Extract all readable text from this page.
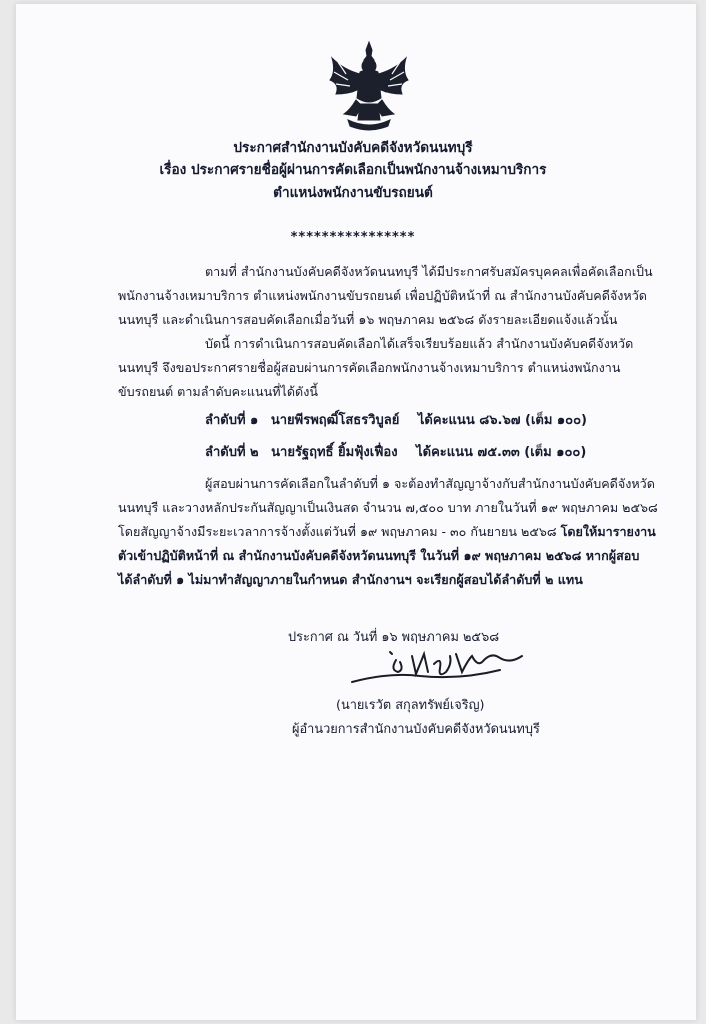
ประกาศสำนักงานบังคับคดีจังหวัดนนทบุรี
เรื่อง ประกาศรายชื่อผู้ผ่านการคัดเลือกเป็นพนักงานจ้างเหมาบริการ
ตำแหน่งพนักงานขับรถยนต์
****************
ตามที่ สำนักงานบังคับคดีจังหวัดนนทบุรี ได้มีประกาศรับสมัครบุคคลเพื่อคัดเลือกเป็น
พนักงานจ้างเหมาบริการ ตำแหน่งพนักงานขับรถยนต์ เพื่อปฏิบัติหน้าที่ ณ สำนักงานบังคับคดีจังหวัด
นนทบุรี และดำเนินการสอบคัดเลือกเมื่อวันที่ ๑๖ พฤษภาคม ๒๕๖๘ ดังรายละเอียดแจ้งแล้วนั้น
บัดนี้ การดำเนินการสอบคัดเลือกได้เสร็จเรียบร้อยแล้ว สำนักงานบังคับคดีจังหวัด
นนทบุรี จึงขอประกาศรายชื่อผู้สอบผ่านการคัดเลือกพนักงานจ้างเหมาบริการ ตำแหน่งพนักงาน
ขับรถยนต์ ตามลำดับคะแนนที่ได้ดังนี้
ลำดับที่ ๑ นายพีรพฤฒิ์โสธรวิบูลย์ ได้คะแนน ๘๖.๖๗ (เต็ม ๑๐๐)
ลำดับที่ ๒ นายรัฐฤทธิ์ ยิ้มฟุ้งเฟื่อง ได้คะแนน ๗๕.๓๓ (เต็ม ๑๐๐)
ผู้สอบผ่านการคัดเลือกในลำดับที่ ๑ จะต้องทำสัญญาจ้างกับสำนักงานบังคับคดีจังหวัด
นนทบุรี และวางหลักประกันสัญญาเป็นเงินสด จำนวน ๗,๕๐๐ บาท ภายในวันที่ ๑๙ พฤษภาคม ๒๕๖๘
โดยสัญญาจ้างมีระยะเวลาการจ้างตั้งแต่วันที่ ๑๙ พฤษภาคม - ๓๐ กันยายน ๒๕๖๘ โดยให้มารายงาน
ตัวเข้าปฏิบัติหน้าที่ ณ สำนักงานบังคับคดีจังหวัดนนทบุรี ในวันที่ ๑๙ พฤษภาคม ๒๕๖๘ หากผู้สอบ
ได้ลำดับที่ ๑ ไม่มาทำสัญญาภายในกำหนด สำนักงานฯ จะเรียกผู้สอบได้ลำดับที่ ๒ แทน
ประกาศ ณ วันที่ ๑๖ พฤษภาคม ๒๕๖๘
(นายเรวัต สกุลทรัพย์เจริญ)
ผู้อำนวยการสำนักงานบังคับคดีจังหวัดนนทบุรี
